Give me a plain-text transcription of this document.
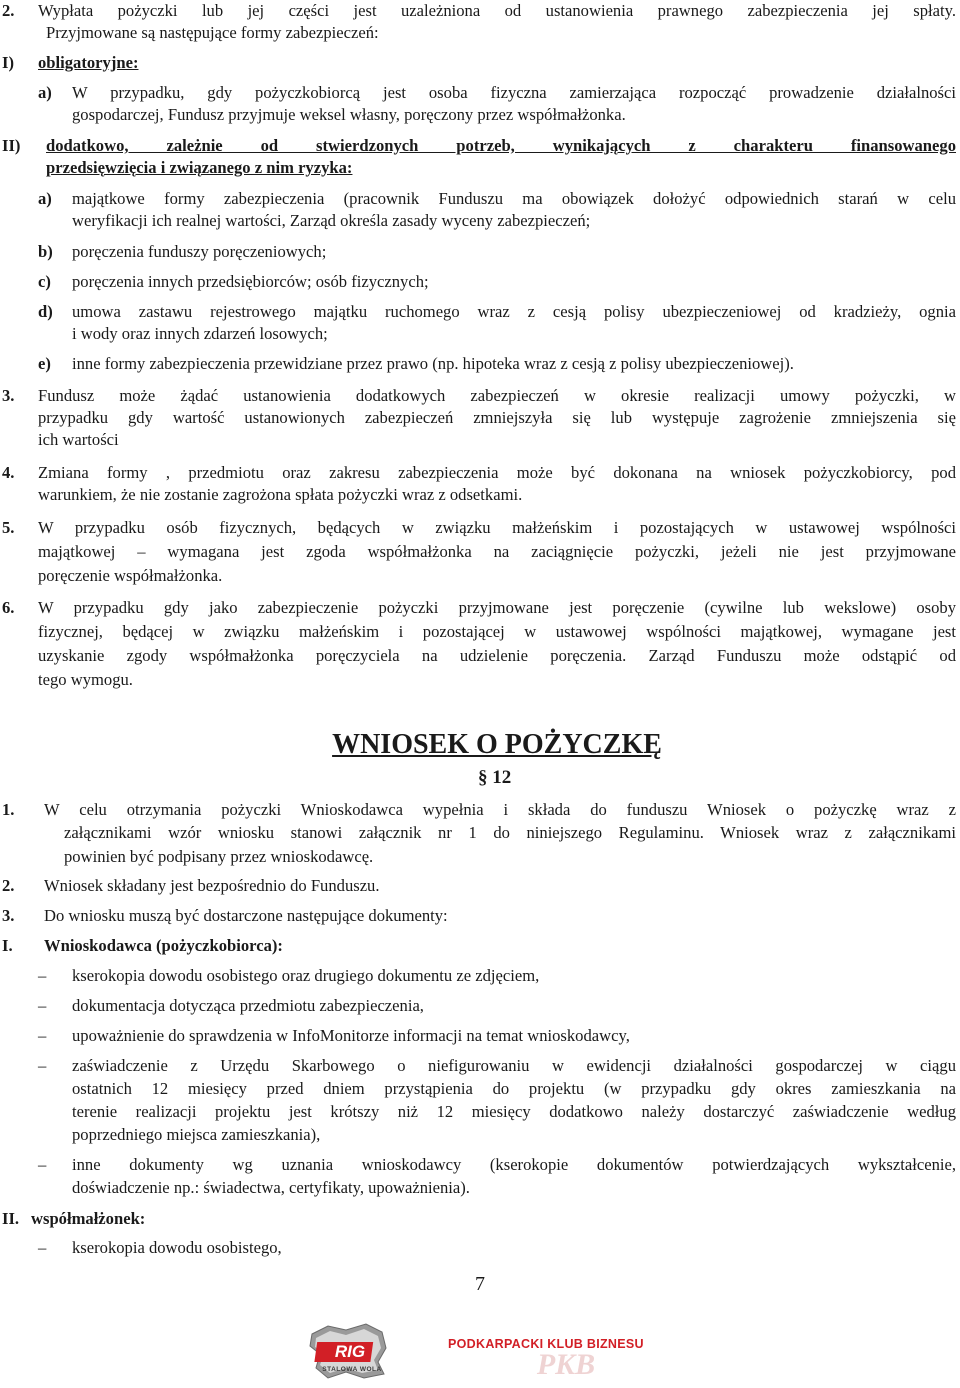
2. Wypłata pożyczki lub jej części jest uzależniona od ustanowienia prawnego zabezpieczenia jej spłaty.
Przyjmowane są następujące formy zabezpieczeń:
I) obligatoryjne:
a) W przypadku, gdy pożyczkobiorcą jest osoba fizyczna zamierzająca rozpocząć prowadzenie działalności
gospodarczej, Fundusz przyjmuje weksel własny, poręczony przez współmałżonka.
II) dodatkowo, zależnie od stwierdzonych potrzeb, wynikających z charakteru finansowanego
przedsięwzięcia i związanego z nim ryzyka:
a) majątkowe formy zabezpieczenia (pracownik Funduszu ma obowiązek dołożyć odpowiednich starań w celu
weryfikacji ich realnej wartości, Zarząd określa zasady wyceny zabezpieczeń;
b) poręczenia funduszy poręczeniowych;
c) poręczenia innych przedsiębiorców; osób fizycznych;
d) umowa zastawu rejestrowego majątku ruchomego wraz z cesją polisy ubezpieczeniowej od kradzieży, ognia
i wody oraz innych zdarzeń losowych;
e) inne formy zabezpieczenia przewidziane przez prawo (np. hipoteka wraz z cesją z polisy ubezpieczeniowej).
3. Fundusz może żądać ustanowienia dodatkowych zabezpieczeń w okresie realizacji umowy pożyczki, w
przypadku gdy wartość ustanowionych zabezpieczeń zmniejszyła się lub występuje zagrożenie zmniejszenia się
ich wartości
4. Zmiana formy , przedmiotu oraz zakresu zabezpieczenia może być dokonana na wniosek pożyczkobiorcy, pod
warunkiem, że nie zostanie zagrożona spłata pożyczki wraz z odsetkami.
5. W przypadku osób fizycznych, będących w związku małżeńskim i pozostających w ustawowej wspólności
majątkowej – wymagana jest zgoda współmałżonka na zaciągnięcie pożyczki, jeżeli nie jest przyjmowane
poręczenie współmałżonka.
6. W przypadku gdy jako zabezpieczenie pożyczki przyjmowane jest poręczenie (cywilne lub wekslowe) osoby
fizycznej, będącej w związku małżeńskim i pozostającej w ustawowej wspólności majątkowej, wymagane jest
uzyskanie zgody współmałżonka poręczyciela na udzielenie poręczenia. Zarząd Funduszu może odstąpić od
tego wymogu.
WNIOSEK O POŻYCZKĘ
§ 12
1. W celu otrzymania pożyczki Wnioskodawca wypełnia i składa do funduszu Wniosek o pożyczkę wraz z
załącznikami wzór wniosku stanowi załącznik nr 1 do niniejszego Regulaminu. Wniosek wraz z załącznikami
powinien być podpisany przez wnioskodawcę.
2. Wniosek składany jest bezpośrednio do Funduszu.
3. Do wniosku muszą być dostarczone następujące dokumenty:
I. Wnioskodawca (pożyczkobiorca):
– kserokopia dowodu osobistego oraz drugiego dokumentu ze zdjęciem,
– dokumentacja dotycząca przedmiotu zabezpieczenia,
– upoważnienie do sprawdzenia w InfoMonitorze informacji na temat wnioskodawcy,
– zaświadczenie z Urzędu Skarbowego o niefigurowaniu w ewidencji działalności gospodarczej w ciągu
ostatnich 12 miesięcy przed dniem przystąpienia do projektu (w przypadku gdy okres zamieszkania na
terenie realizacji projektu jest krótszy niż 12 miesięcy dodatkowo należy dostarczyć zaświadczenie według
poprzedniego miejsca zamieszkania),
– inne dokumenty wg uznania wnioskodawcy (kserokopie dokumentów potwierdzających wykształcenie,
doświadczenie np.: świadectwa, certyfikaty, upoważnienia).
II. współmałżonek:
– kserokopia dowodu osobistego,
7
RIG
STALOWA WOLA	PKB
PODKARPACKI KLUB BIZNESU
